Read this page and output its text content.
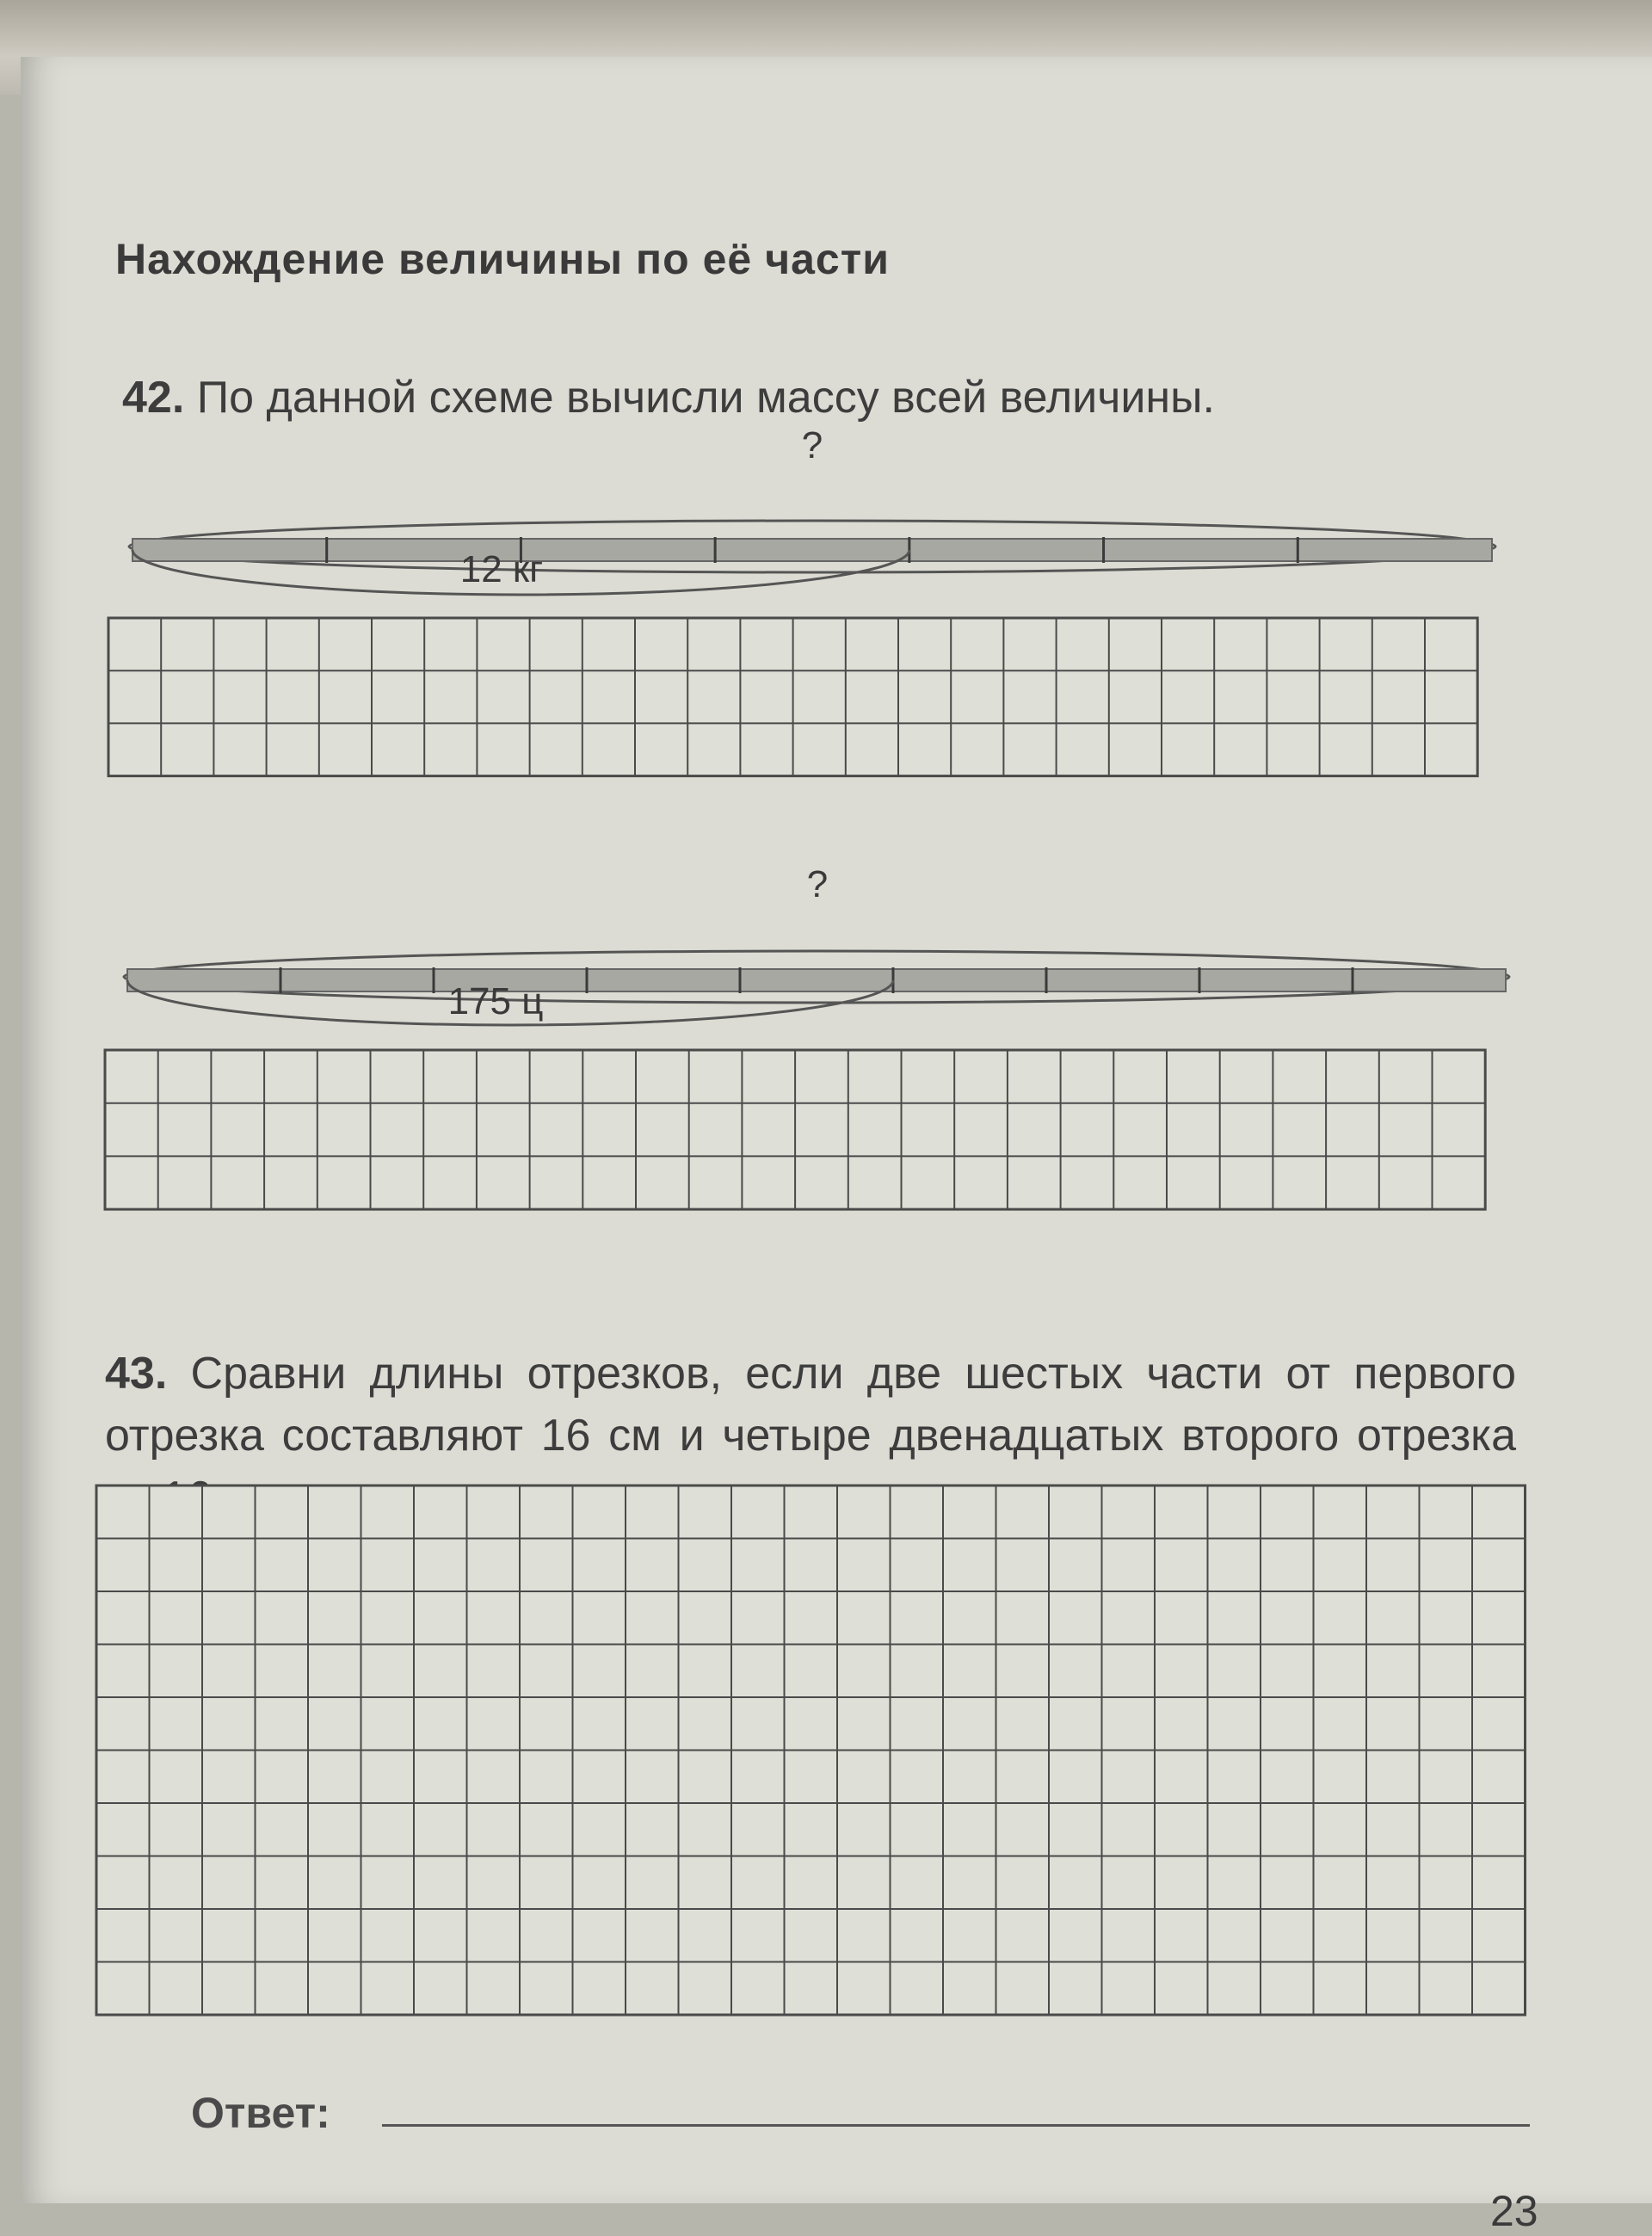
Нахождение величины по её части
42. По данной схеме вычисли массу всей величины.
?
12 кг
?
175 ц
43. Сравни длины отрезков, если две шестых части от первого отрезка составляют 16 см и четыре двенадцатых второго отрезка
Ответ:
23
